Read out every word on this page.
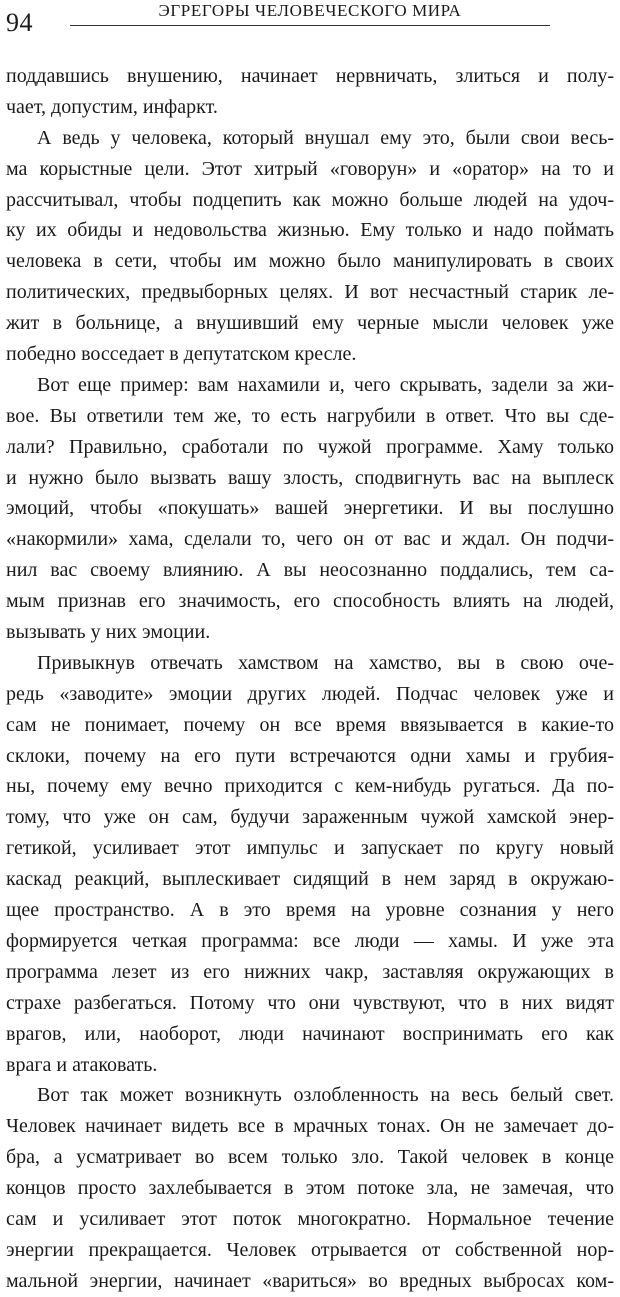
94	ЭГРЕГОРЫ ЧЕЛОВЕЧЕСКОГО МИРА
поддавшись внушению, начинает нервничать, злиться и полу-
чает, допустим, инфаркт.
А ведь у человека, который внушал ему это, были свои весь-
ма корыстные цели. Этот хитрый «говорун» и «оратор» на то и
рассчитывал, чтобы подцепить как можно больше людей на удоч-
ку их обиды и недовольства жизнью. Ему только и надо поймать
человека в сети, чтобы им можно было манипулировать в своих
политических, предвыборных целях. И вот несчастный старик ле-
жит в больнице, а внушивший ему черные мысли человек уже
победно восседает в депутатском кресле.
Вот еще пример: вам нахамили и, чего скрывать, задели за жи-
вое. Вы ответили тем же, то есть нагрубили в ответ. Что вы сде-
лали? Правильно, сработали по чужой программе. Хаму только
и нужно было вызвать вашу злость, сподвигнуть вас на выплеск
эмоций, чтобы «покушать» вашей энергетики. И вы послушно
«накормили» хама, сделали то, чего он от вас и ждал. Он подчи-
нил вас своему влиянию. А вы неосознанно поддались, тем са-
мым признав его значимость, его способность влиять на людей,
вызывать у них эмоции.
Привыкнув отвечать хамством на хамство, вы в свою оче-
редь «заводите» эмоции других людей. Подчас человек уже и
сам не понимает, почему он все время ввязывается в какие-то
склоки, почему на его пути встречаются одни хамы и грубия-
ны, почему ему вечно приходится с кем-нибудь ругаться. Да по-
тому, что уже он сам, будучи зараженным чужой хамской энер-
гетикой, усиливает этот импульс и запускает по кругу новый
каскад реакций, выплескивает сидящий в нем заряд в окружаю-
щее пространство. А в это время на уровне сознания у него
формируется четкая программа: все люди — хамы. И уже эта
программа лезет из его нижних чакр, заставляя окружающих в
страхе разбегаться. Потому что они чувствуют, что в них видят
врагов, или, наоборот, люди начинают воспринимать его как
врага и атаковать.
Вот так может возникнуть озлобленность на весь белый свет.
Человек начинает видеть все в мрачных тонах. Он не замечает до-
бра, а усматривает во всем только зло. Такой человек в конце
концов просто захлебывается в этом потоке зла, не замечая, что
сам и усиливает этот поток многократно. Нормальное течение
энергии прекращается. Человек отрывается от собственной нор-
мальной энергии, начинает «вариться» во вредных выбросах ком-
